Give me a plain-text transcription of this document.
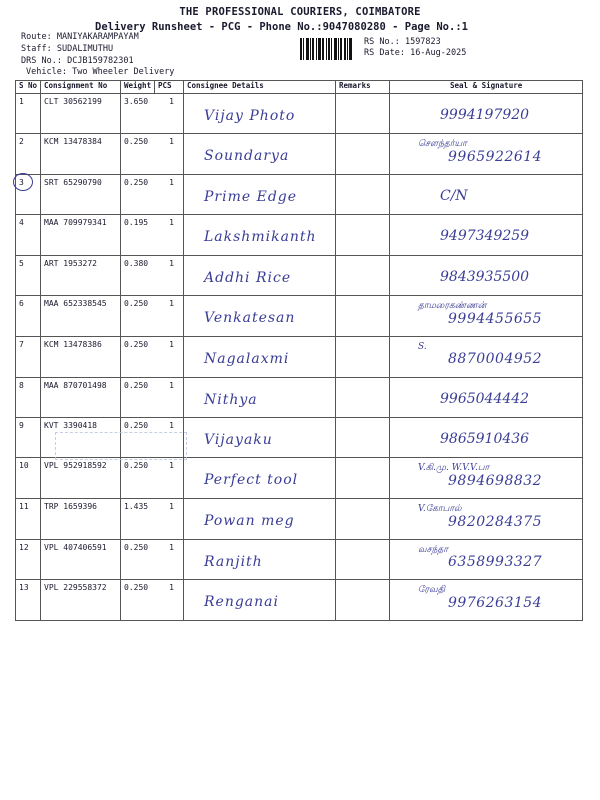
THE PROFESSIONAL COURIERS, COIMBATORE
Delivery Runsheet - PCG - Phone No.:9047080280 - Page No.:1
Route: MANIYAKARAMPAYAM
Staff: SUDALIMUTHU
DRS No.: DCJB159782301
Vehicle: Two Wheeler Delivery
RS No.: 1597823
RS Date: 16-Aug-2025
S No	Consignment No	Weight	PCS	Consignee Details	Remarks	Seal & Signature

1	CLT 30562199	3.650 1		Vijay Photo		9994197920

2	KCM 13478384	0.250 1		Soundarya		சௌந்தர்யா
9965922614

3	SRT 65290790	0.250 1		Prime Edge		C/N

4	MAA 709979341	0.195 1		Lakshmikanth		9497349259

5	ART 1953272	0.380 1		Addhi Rice		9843935500

6	MAA 652338545	0.250 1		Venkatesan		தாமரைகண்ணன்
9994455655

7	KCM 13478386	0.250 1		Nagalaxmi		S.
8870004952

8	MAA 870701498	0.250 1		Nithya		9965044442

9	KVT 3390418	0.250 1		Vijayaku		9865910436

10	VPL 952918592	0.250 1		Perfect tool		V.கி.மு. W.V.V.பா
9894698832

11	TRP 1659396	1.435 1		Powan meg		V.கோபால்
9820284375

12	VPL 407406591	0.250 1		Ranjith		வசந்தா
6358993327

13	VPL 229558372	0.250 1		Renganai		ரேவதி
9976263154
